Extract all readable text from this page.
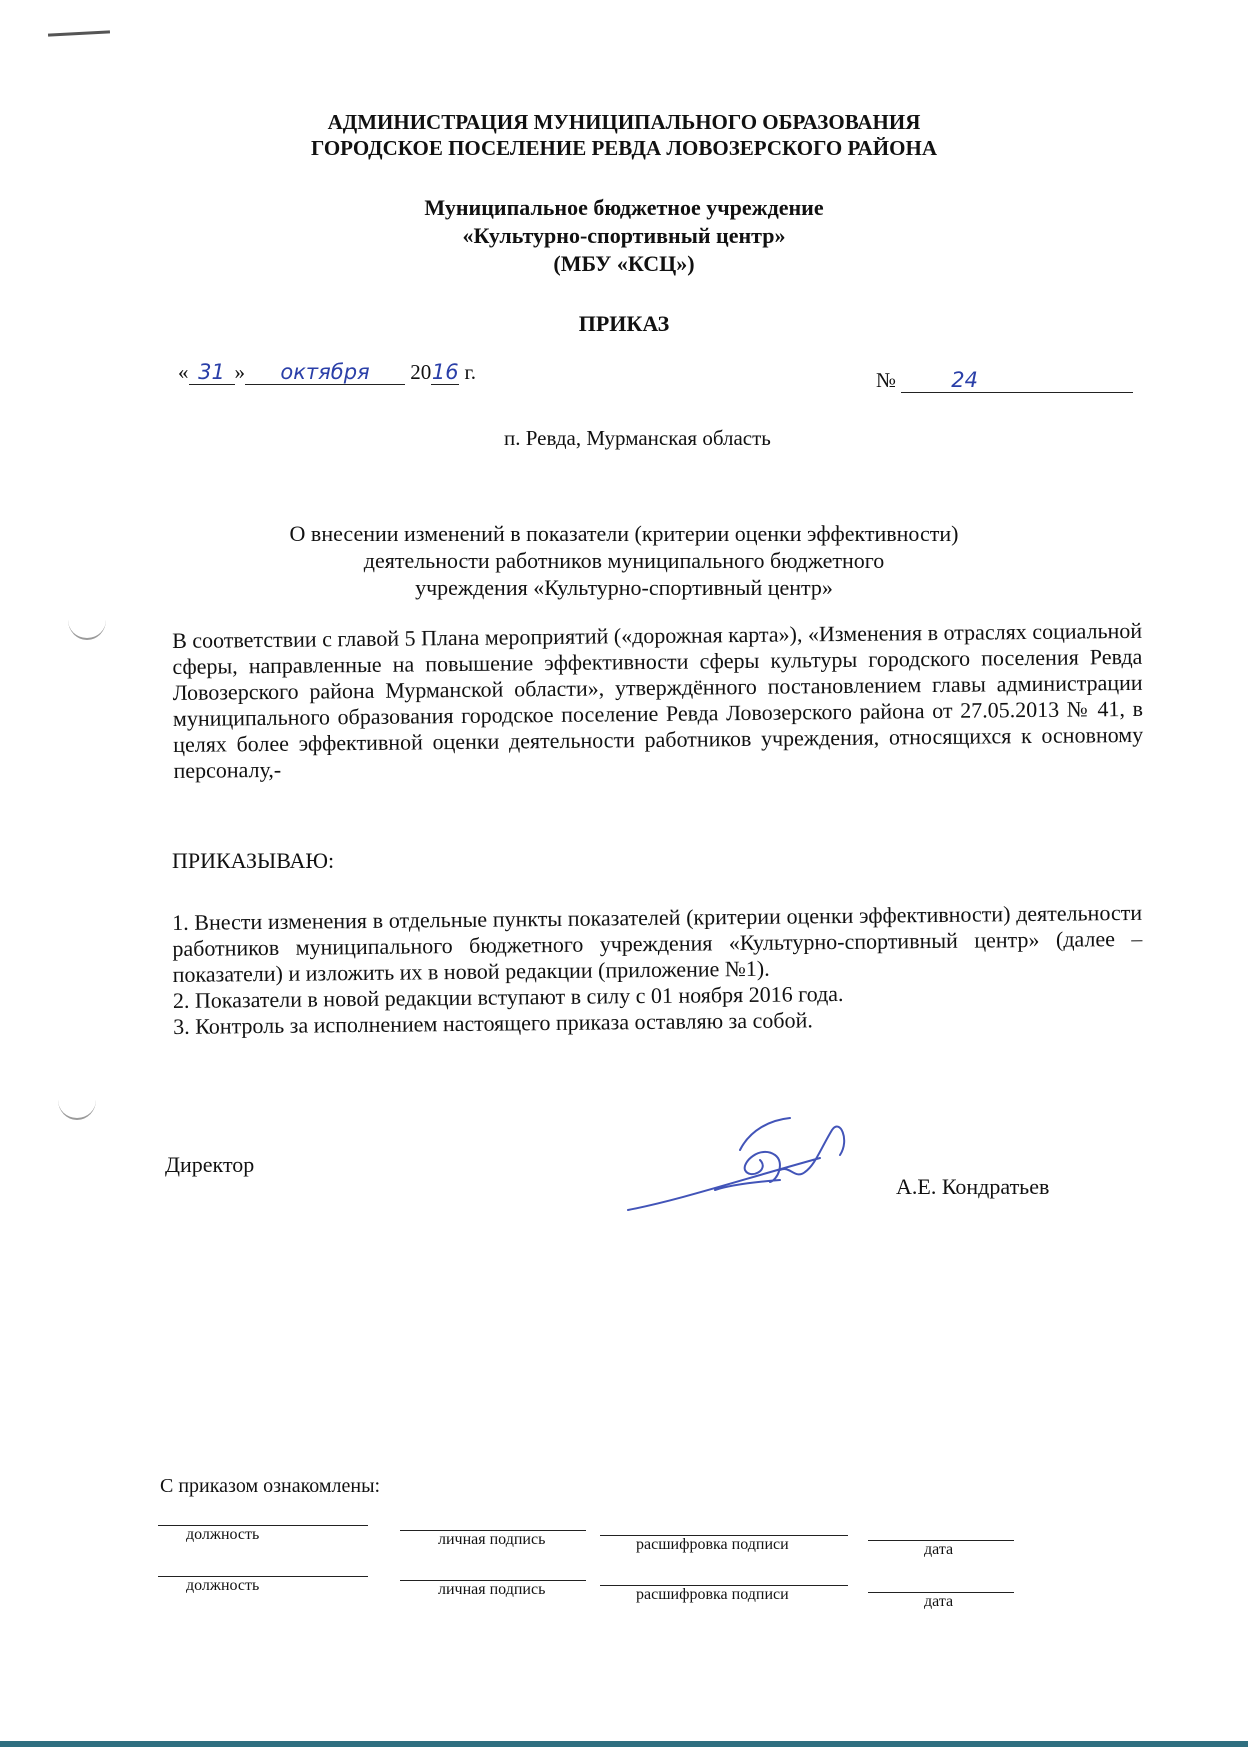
АДМИНИСТРАЦИЯ МУНИЦИПАЛЬНОГО ОБРАЗОВАНИЯ
ГОРОДСКОЕ ПОСЕЛЕНИЕ РЕВДА ЛОВОЗЕРСКОГО РАЙОНА
Муниципальное бюджетное учреждение
«Культурно-спортивный центр»
(МБУ «КСЦ»)
ПРИКАЗ
« 31 » октября 2016 г.	№	24
п. Ревда, Мурманская область
О внесении изменений в показатели (критерии оценки эффективности)
деятельности работников муниципального бюджетного
учреждения «Культурно-спортивный центр»
В соответствии с главой 5 Плана мероприятий («дорожная карта»), «Изменения в отраслях социальной сферы, направленные на повышение эффективности сферы культуры городского поселения Ревда Ловозерского района Мурманской области», утверждённого постановлением главы администрации муниципального образования городское поселение Ревда Ловозерского района от 27.05.2013 № 41, в целях более эффективной оценки деятельности работников учреждения, относящихся к основному персоналу,-
ПРИКАЗЫВАЮ:

1. Внести изменения в отдельные пункты показателей (критерии оценки эффективности) деятельности работников муниципального бюджетного учреждения «Культурно-спортивный центр» (далее – показатели) и изложить их в новой редакции (приложение №1).

2. Показатели в новой редакции вступают в силу с 01 ноября 2016 года.

3. Контроль за исполнением настоящего приказа оставляю за собой.

Директор
А.Е. Кондратьев
С приказом ознакомлены:
должность	личная подпись	расшифровка подписи	дата
должность	личная подпись	расшифровка подписи	дата
